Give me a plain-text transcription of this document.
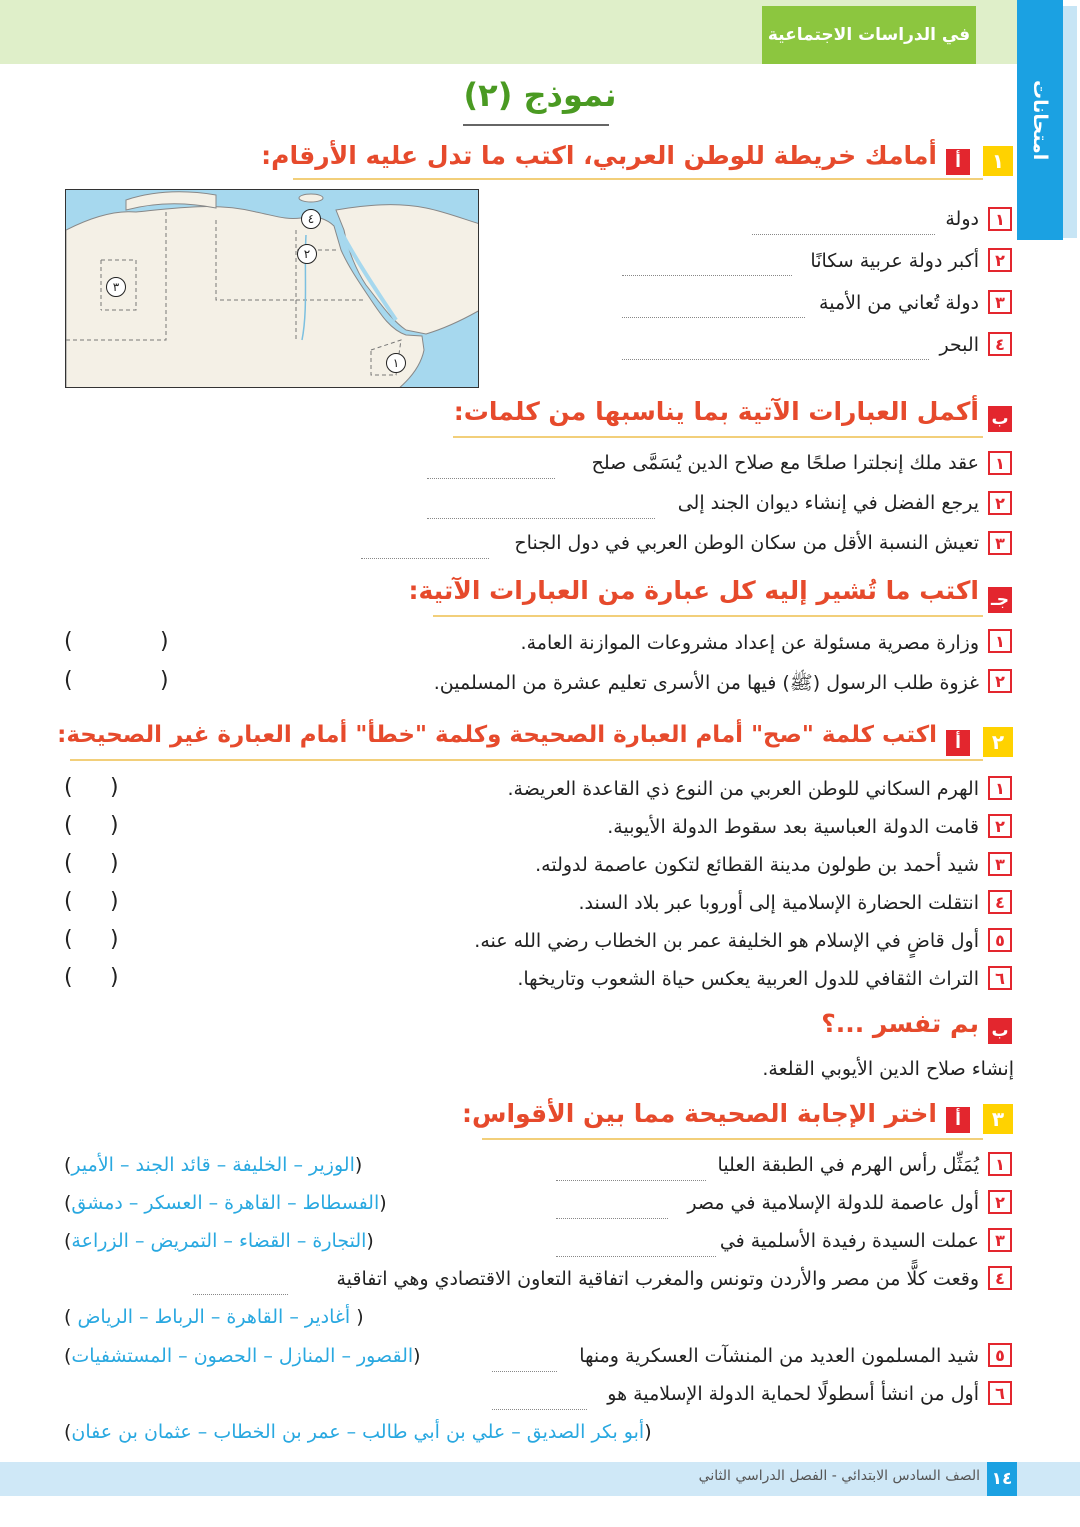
في الدراسات الاجتماعية
امتحانات
نموذج (٢)
١
أ
أمامك خريطة للوطن العربي، اكتب ما تدل عليه الأرقام:
٤
٢
٣
١
١
دولة
٢
أكبر دولة عربية سكانًا
٣
دولة تُعاني من الأمية
٤
البحر
ب
أكمل العبارات الآتية بما يناسبها من كلمات:
١
عقد ملك إنجلترا صلحًا مع صلاح الدين يُسَمَّى صلح
٢
يرجع الفضل في إنشاء ديوان الجند إلى
٣
تعيش النسبة الأقل من سكان الوطن العربي في دول الجناح
جـ
اكتب ما تُشير إليه كل عبارة من العبارات الآتية:
١
وزارة مصرية مسئولة عن إعداد مشروعات الموازنة العامة.
(	)
٢
غزوة طلب الرسول (ﷺ) فيها من الأسرى تعليم عشرة من المسلمين.
(	)
٢
أ
اكتب كلمة "صح" أمام العبارة الصحيحة وكلمة "خطأ" أمام العبارة غير الصحيحة:
١
الهرم السكاني للوطن العربي من النوع ذي القاعدة العريضة.
( )
٢
قامت الدولة العباسية بعد سقوط الدولة الأيوبية.
( )
٣
شيد أحمد بن طولون مدينة القطائع لتكون عاصمة لدولته.
( )
٤
انتقلت الحضارة الإسلامية إلى أوروبا عبر بلاد السند.
( )
٥
أول قاضٍ في الإسلام هو الخليفة عمر بن الخطاب رضي الله عنه.
( )
٦
التراث الثقافي للدول العربية يعكس حياة الشعوب وتاريخها.
( )
ب
بم تفسر ...؟
إنشاء صلاح الدين الأيوبي القلعة.
٣
أ
اختر الإجابة الصحيحة مما بين الأقواس:
١
يُمَثِّل رأس الهرم في الطبقة العليا
(الوزير – الخليفة – قائد الجند – الأمير)
٢
أول عاصمة للدولة الإسلامية في مصر
(الفسطاط – القاهرة – العسكر – دمشق)
٣
عملت السيدة رفيدة الأسلمية في
(التجارة – القضاء – التمريض – الزراعة)
٤
وقعت كلًّا من مصر والأردن وتونس والمغرب اتفاقية التعاون الاقتصادي وهي اتفاقية
( أغادير – القاهرة – الرباط – الرياض )
٥
شيد المسلمون العديد من المنشآت العسكرية ومنها
(القصور – المنازل – الحصون – المستشفيات)
٦
أول من انشأ أسطولًا لحماية الدولة الإسلامية هو
(أبو بكر الصديق – علي بن أبي طالب – عمر بن الخطاب – عثمان بن عفان)
١٤
الصف السادس الابتدائي - الفصل الدراسي الثاني
